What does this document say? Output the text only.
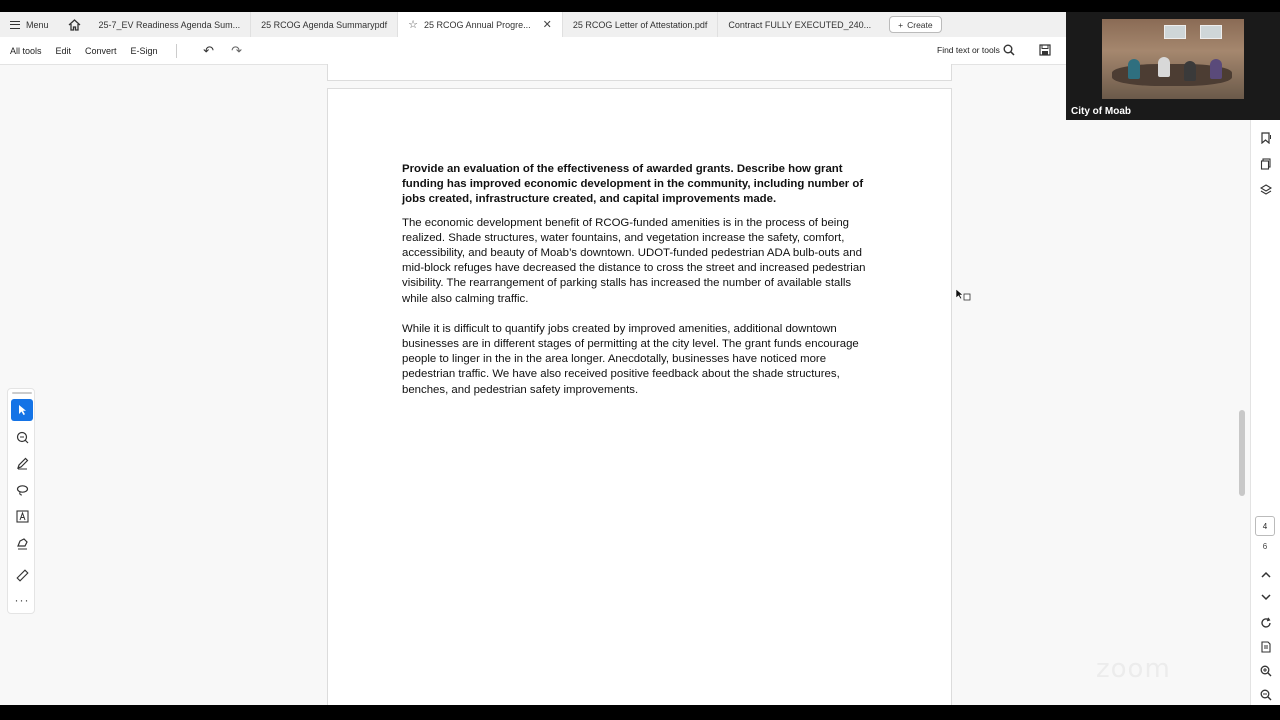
Menu	25-7_EV Readiness Agenda Sum... 25 RCOG Agenda Summarypdf ☆ 25 RCOG Annual Progre... ✕ 25 RCOG Letter of Attestation.pdf Contract FULLY EXECUTED_240...	+ Create
All tools Edit Convert E-Sign	↶	↷	Find text or tools

Provide an evaluation of the effectiveness of awarded grants. Describe how grant funding has improved economic development in the community, including number of jobs created, infrastructure created, and capital improvements made.

The economic development benefit of RCOG-funded amenities is in the process of being realized. Shade structures, water fountains, and vegetation increase the safety, comfort, accessibility, and beauty of Moab’s downtown. UDOT-funded pedestrian ADA bulb-outs and mid-block refuges have decreased the distance to cross the street and increased pedestrian visibility. The rearrangement of parking stalls has increased the number of available stalls while also calming traffic.

While it is difficult to quantify jobs created by improved amenities, additional downtown businesses are in different stages of permitting at the city level. The grant funds encourage people to linger in the in the area longer. Anecdotally, businesses have noticed more pedestrian traffic. We have also received positive feedback about the shade structures, benches, and pedestrian safety improvements.

···
zoom
4
6
City of Moab
